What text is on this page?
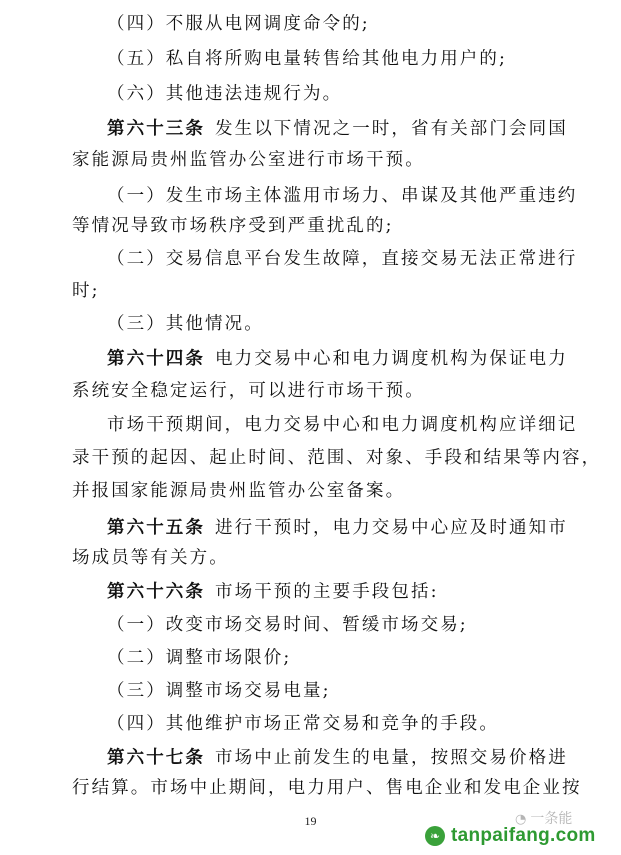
（四）不服从电网调度命令的;
（五）私自将所购电量转售给其他电力用户的;
（六）其他违法违规行为。
第六十三条 发生以下情况之一时，省有关部门会同国
家能源局贵州监管办公室进行市场干预。
（一）发生市场主体滥用市场力、串谋及其他严重违约
等情况导致市场秩序受到严重扰乱的;
（二）交易信息平台发生故障，直接交易无法正常进行
时;
（三）其他情况。
第六十四条 电力交易中心和电力调度机构为保证电力
系统安全稳定运行，可以进行市场干预。
市场干预期间，电力交易中心和电力调度机构应详细记
录干预的起因、起止时间、范围、对象、手段和结果等内容，
并报国家能源局贵州监管办公室备案。
第六十五条 进行干预时，电力交易中心应及时通知市
场成员等有关方。
第六十六条 市场干预的主要手段包括:
（一）改变市场交易时间、暂缓市场交易;
（二）调整市场限价;
（三）调整市场交易电量;
（四）其他维护市场正常交易和竞争的手段。
第六十七条 市场中止前发生的电量，按照交易价格进
行结算。市场中止期间，电力用户、售电企业和发电企业按
19	◔ 一条能
❧ tanpaifang.com
